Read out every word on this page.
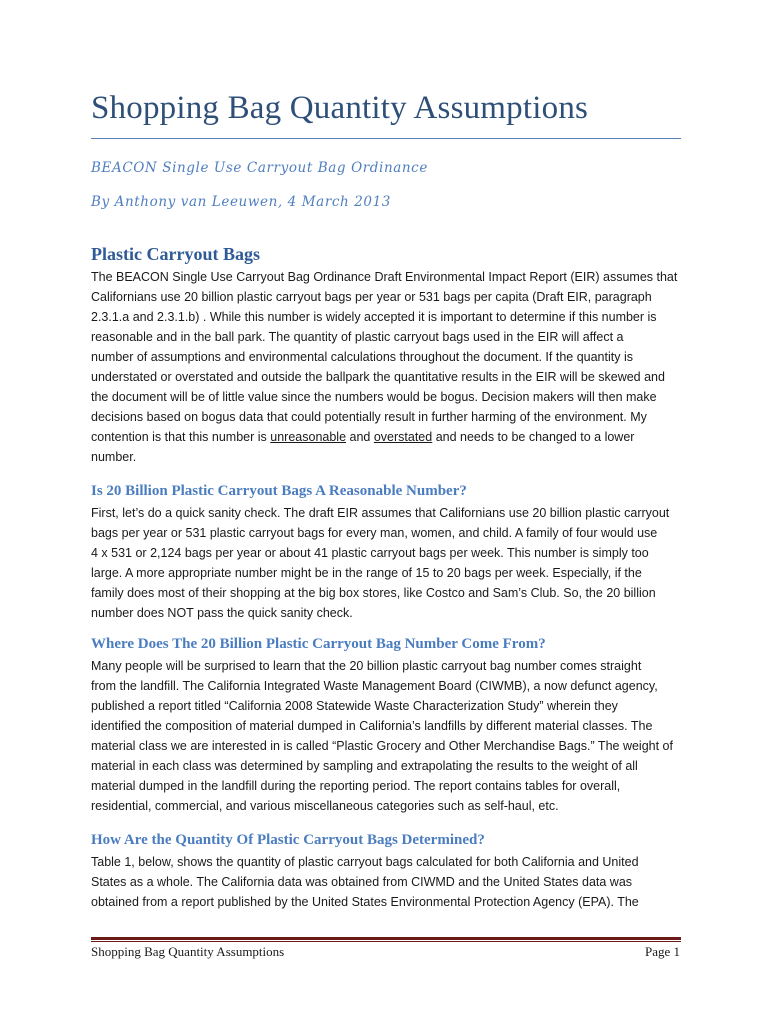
Shopping Bag Quantity Assumptions
BEACON Single Use Carryout Bag Ordinance
By Anthony van Leeuwen, 4 March 2013
Plastic Carryout Bags

The BEACON Single Use Carryout Bag Ordinance Draft Environmental Impact Report (EIR) assumes that

Californians use 20 billion plastic carryout bags per year or 531 bags per capita (Draft EIR, paragraph

2.3.1.a and 2.3.1.b) . While this number is widely accepted it is important to determine if this number is

reasonable and in the ball park. The quantity of plastic carryout bags used in the EIR will affect a

number of assumptions and environmental calculations throughout the document. If the quantity is

understated or overstated and outside the ballpark the quantitative results in the EIR will be skewed and

the document will be of little value since the numbers would be bogus. Decision makers will then make

decisions based on bogus data that could potentially result in further harming of the environment. My

contention is that this number is unreasonable and overstated and needs to be changed to a lower

number.

Is 20 Billion Plastic Carryout Bags A Reasonable Number?

First, let’s do a quick sanity check. The draft EIR assumes that Californians use 20 billion plastic carryout

bags per year or 531 plastic carryout bags for every man, women, and child. A family of four would use

4 x 531 or 2,124 bags per year or about 41 plastic carryout bags per week. This number is simply too

large. A more appropriate number might be in the range of 15 to 20 bags per week. Especially, if the

family does most of their shopping at the big box stores, like Costco and Sam’s Club. So, the 20 billion

number does NOT pass the quick sanity check.

Where Does The 20 Billion Plastic Carryout Bag Number Come From?

Many people will be surprised to learn that the 20 billion plastic carryout bag number comes straight

from the landfill. The California Integrated Waste Management Board (CIWMB), a now defunct agency,

published a report titled “California 2008 Statewide Waste Characterization Study” wherein they

identified the composition of material dumped in California’s landfills by different material classes. The

material class we are interested in is called “Plastic Grocery and Other Merchandise Bags.” The weight of

material in each class was determined by sampling and extrapolating the results to the weight of all

material dumped in the landfill during the reporting period. The report contains tables for overall,

residential, commercial, and various miscellaneous categories such as self-haul, etc.

How Are the Quantity Of Plastic Carryout Bags Determined?

Table 1, below, shows the quantity of plastic carryout bags calculated for both California and United

States as a whole. The California data was obtained from CIWMD and the United States data was

obtained from a report published by the United States Environmental Protection Agency (EPA). The

Shopping Bag Quantity Assumptions	Page 1
